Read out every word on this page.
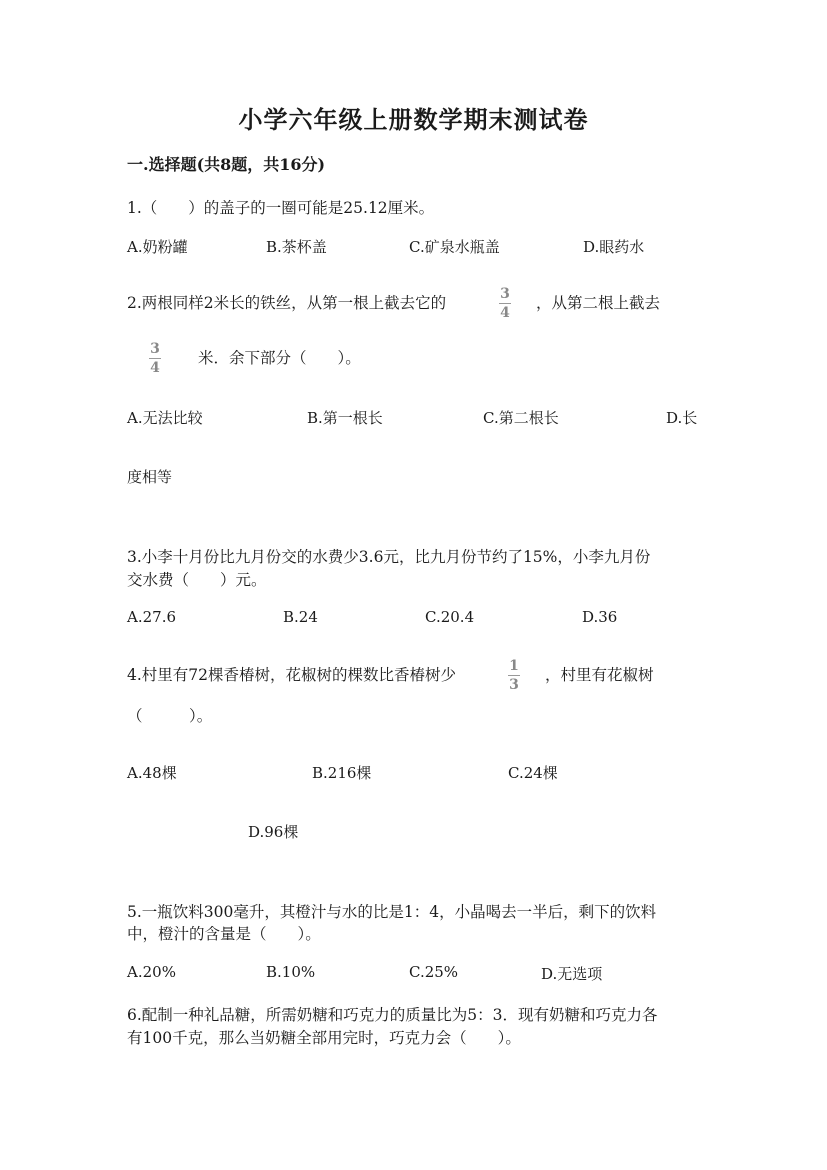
小学六年级上册数学期末测试卷
一.选择题(共8题，共16分)
1.（　　）的盖子的一圈可能是25.12厘米。
A.奶粉罐	B.茶杯盖	C.矿泉水瓶盖	D.眼药水
2.两根同样2米长的铁丝，从第一根上截去它的	3
4
，从第二根上截去
3
4
米．余下部分（　　）。
A.无法比较	B.第一根长	C.第二根长	D.长
度相等
3.小李十月份比九月份交的水费少3.6元，比九月份节约了15%，小李九月份
交水费（　　）元。
A.27.6	B.24	C.20.4	D.36
4.村里有72棵香椿树，花椒树的棵数比香椿树少	1
3
，村里有花椒树
（　　　）。
A.48棵	B.216棵	C.24棵
D.96棵
5.一瓶饮料300毫升，其橙汁与水的比是1：4，小晶喝去一半后，剩下的饮料
中，橙汁的含量是（　　）。
A.20%	B.10%	C.25%	D.无选项
6.配制一种礼品糖，所需奶糖和巧克力的质量比为5：3．现有奶糖和巧克力各
有100千克，那么当奶糖全部用完时，巧克力会（　　）。
